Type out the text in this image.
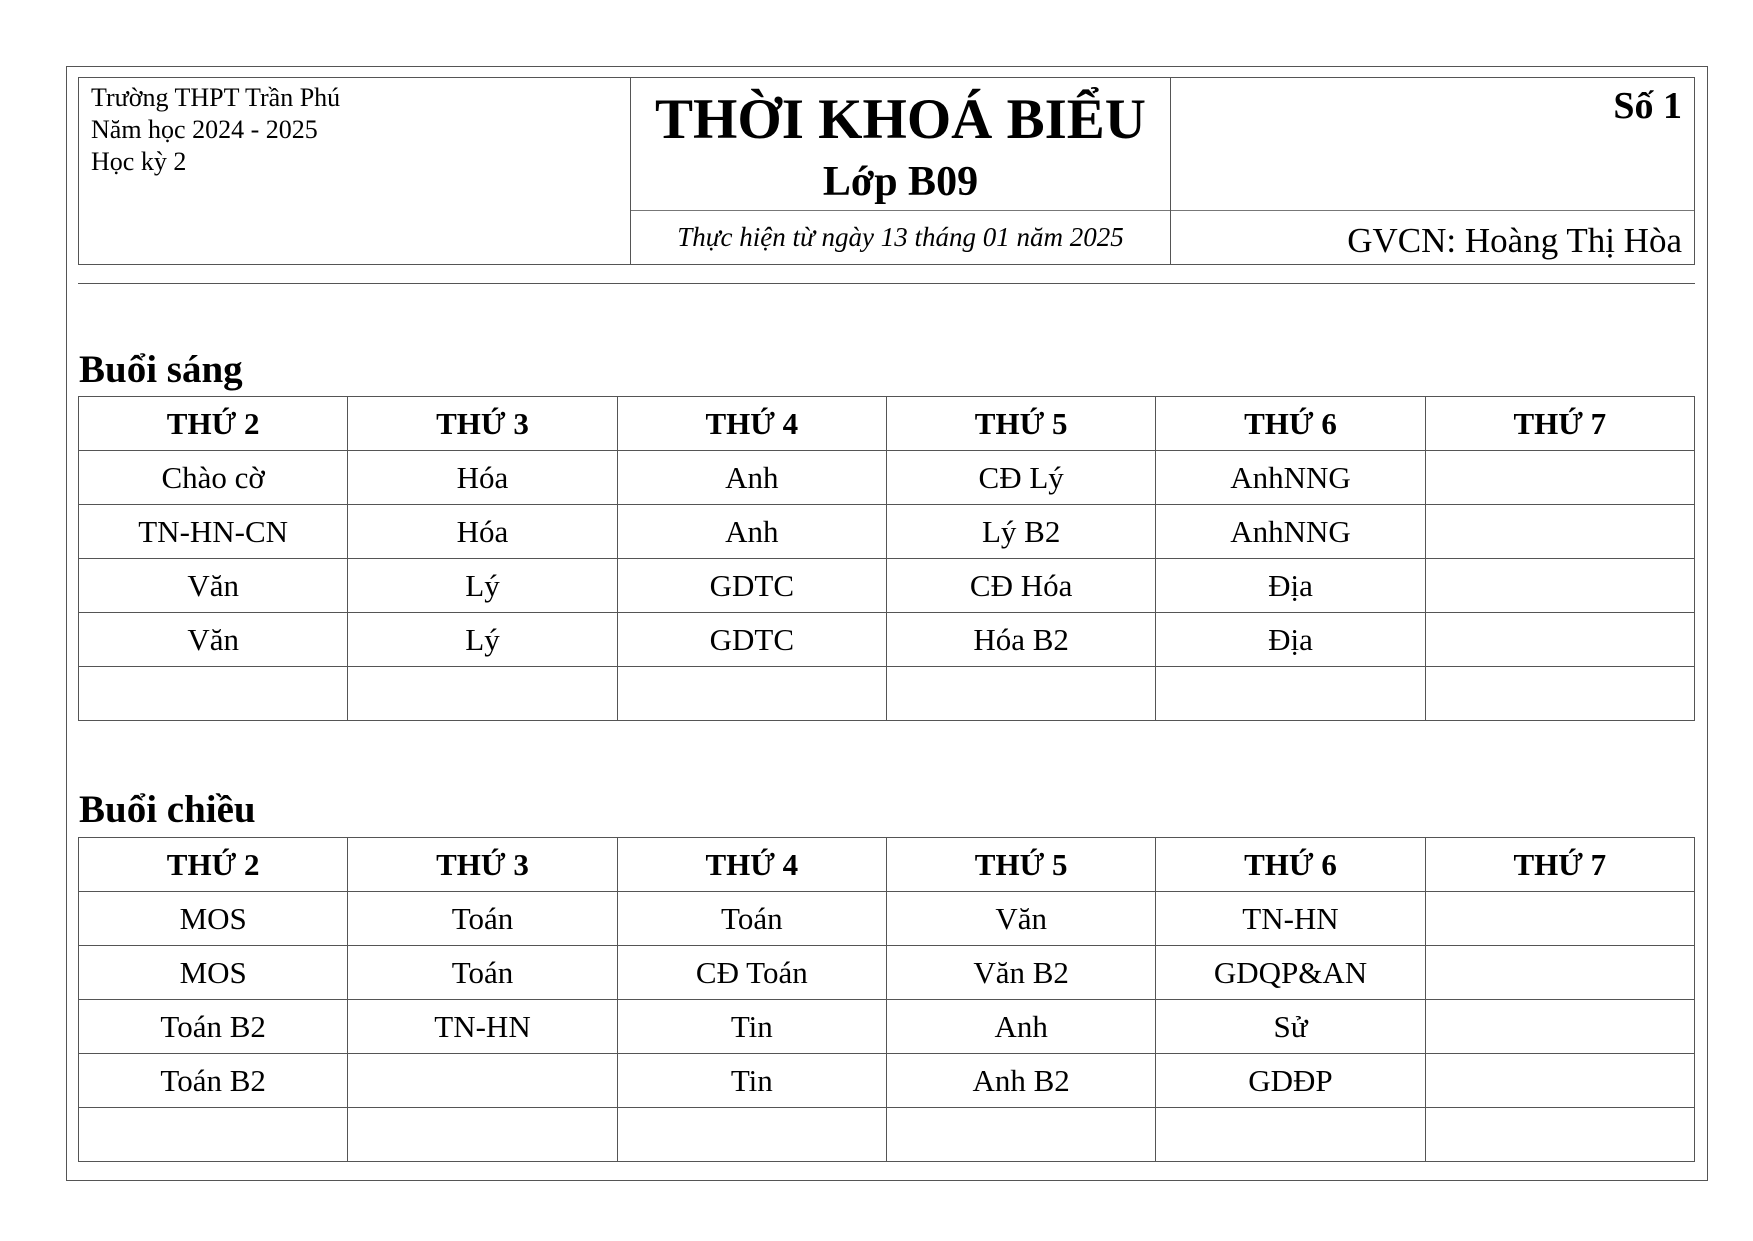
Trường THPT Trần Phú
Năm học 2024 - 2025
Học kỳ 2

THỜI KHOÁ BIỂU
Lớp B09
Thực hiện từ ngày 13 tháng 01 năm 2025

Số 1
GVCN: Hoàng Thị Hòa
Buổi sáng
THỨ 2	THỨ 3	THỨ 4	THỨ 5	THỨ 6	THỨ 7
Chào cờ	Hóa	Anh	CĐ Lý	AnhNNG	
TN-HN-CN	Hóa	Anh	Lý B2	AnhNNG	
Văn	Lý	GDTC	CĐ Hóa	Địa	
Văn	Lý	GDTC	Hóa B2	Địa	

Buổi chiều
THỨ 2	THỨ 3	THỨ 4	THỨ 5	THỨ 6	THỨ 7
MOS	Toán	Toán	Văn	TN-HN	
MOS	Toán	CĐ Toán	Văn B2	GDQP&AN	
Toán B2	TN-HN	Tin	Anh	Sử	
Toán B2		Tin	Anh B2	GDĐP	
